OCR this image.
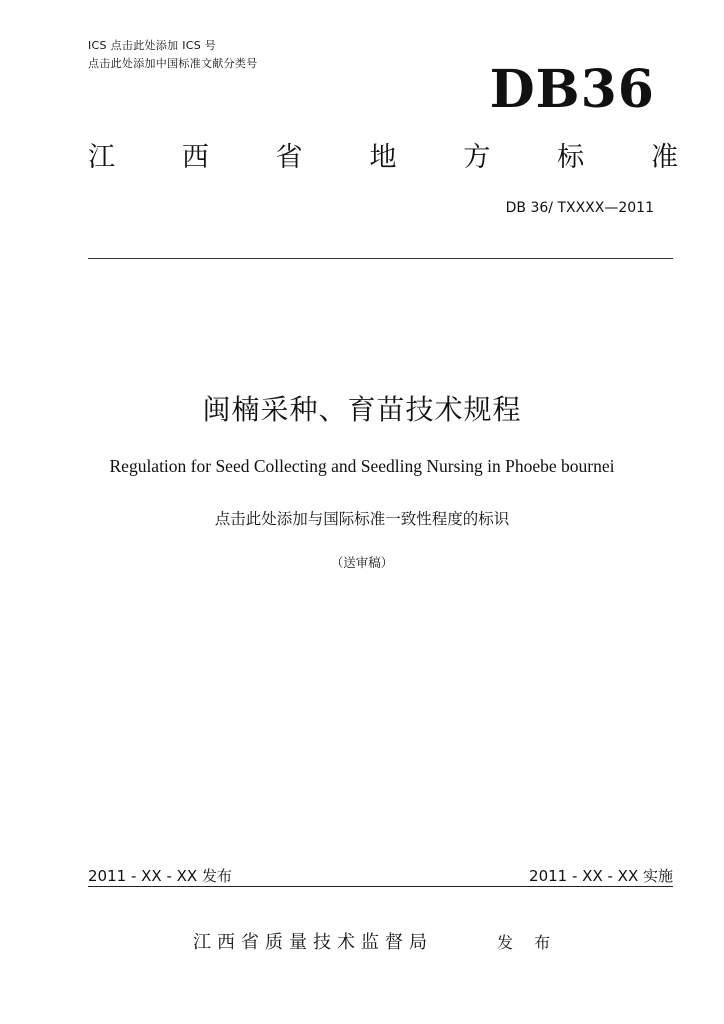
ICS 点击此处添加 ICS 号
点击此处添加中国标准文献分类号	DB36
江 西 省 地 方 标 准
DB 36/ TXXXX—2011
闽楠采种、育苗技术规程
Regulation for Seed Collecting and Seedling Nursing in Phoebe bournei
点击此处添加与国际标准一致性程度的标识
（送审稿）
2011 - XX - XX 发布	2011 - XX - XX 实施
江西省质量技术监督局	发 布
